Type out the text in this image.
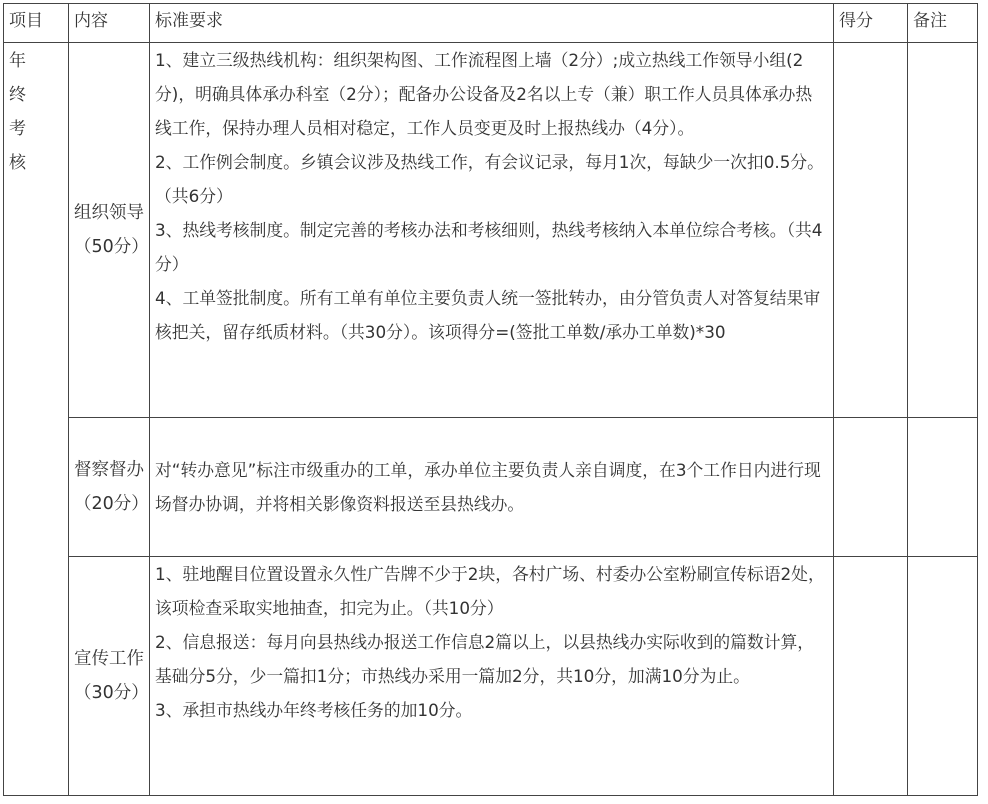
项目	内容	标准要求	得分	备注

年终考核	组织领导（50分）	1、建立三级热线机构：组织架构图、工作流程图上墙（2分）;成立热线工作领导小组(2分)，明确具体承办科室（2分）；配备办公设备及2名以上专（兼）职工作人员具体承办热线工作，保持办理人员相对稳定，工作人员变更及时上报热线办（4分）。
2、工作例会制度。乡镇会议涉及热线工作，有会议记录，每月1次，每缺少一次扣0.5分。（共6分）
3、热线考核制度。制定完善的考核办法和考核细则，热线考核纳入本单位综合考核。（共4分）
4、工单签批制度。所有工单有单位主要负责人统一签批转办，由分管负责人对答复结果审核把关，留存纸质材料。（共30分）。该项得分=(签批工单数/承办工单数)*30		

	督察督办（20分）	对“转办意见”标注市级重办的工单，承办单位主要负责人亲自调度，在3个工作日内进行现场督办协调，并将相关影像资料报送至县热线办。		

	宣传工作（30分）	1、驻地醒目位置设置永久性广告牌不少于2块，各村广场、村委办公室粉刷宣传标语2处，该项检查采取实地抽查，扣完为止。（共10分）
2、信息报送：每月向县热线办报送工作信息2篇以上，以县热线办实际收到的篇数计算，基础分5分，少一篇扣1分；市热线办采用一篇加2分，共10分，加满10分为止。
3、承担市热线办年终考核任务的加10分。		
